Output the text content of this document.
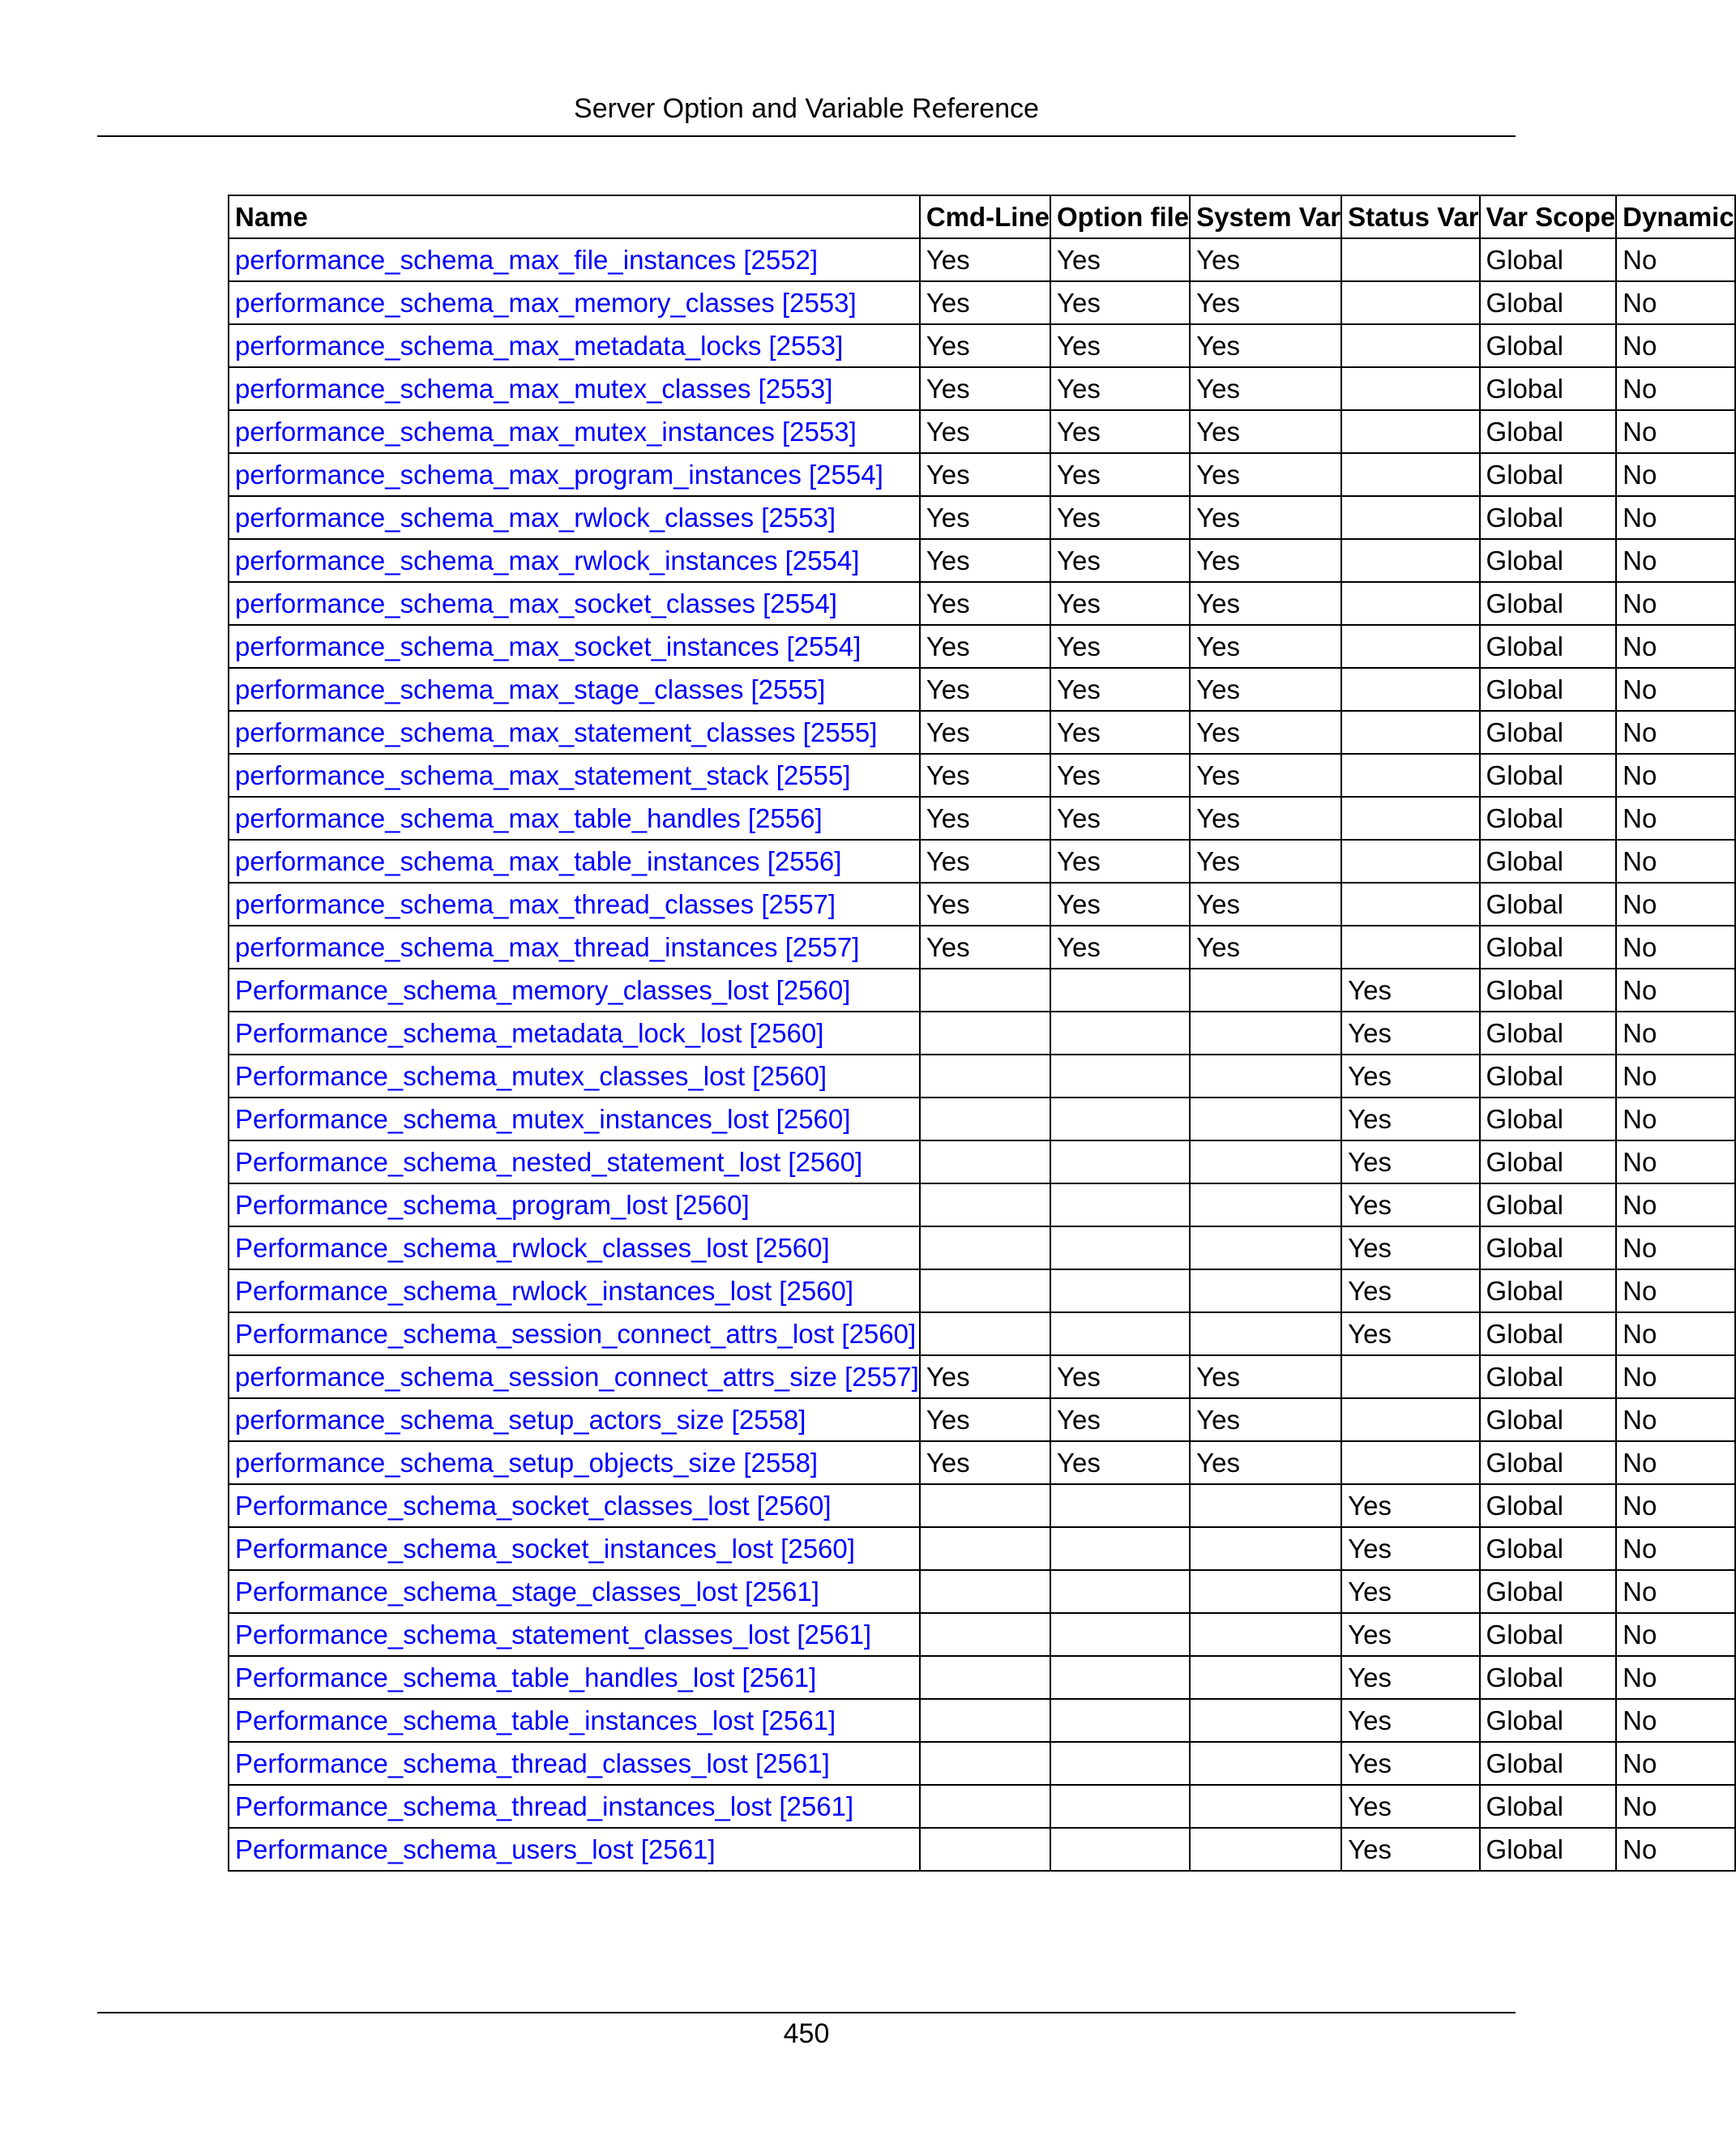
Server Option and Variable Reference
Name	Cmd-Line	Option file	System Var	Status Var	Var Scope	Dynamic
performance_schema_max_file_instances [2552]	Yes	Yes	Yes		Global	No
performance_schema_max_memory_classes [2553]	Yes	Yes	Yes		Global	No
performance_schema_max_metadata_locks [2553]	Yes	Yes	Yes		Global	No
performance_schema_max_mutex_classes [2553]	Yes	Yes	Yes		Global	No
performance_schema_max_mutex_instances [2553]	Yes	Yes	Yes		Global	No
performance_schema_max_program_instances [2554]	Yes	Yes	Yes		Global	No
performance_schema_max_rwlock_classes [2553]	Yes	Yes	Yes		Global	No
performance_schema_max_rwlock_instances [2554]	Yes	Yes	Yes		Global	No
performance_schema_max_socket_classes [2554]	Yes	Yes	Yes		Global	No
performance_schema_max_socket_instances [2554]	Yes	Yes	Yes		Global	No
performance_schema_max_stage_classes [2555]	Yes	Yes	Yes		Global	No
performance_schema_max_statement_classes [2555]	Yes	Yes	Yes		Global	No
performance_schema_max_statement_stack [2555]	Yes	Yes	Yes		Global	No
performance_schema_max_table_handles [2556]	Yes	Yes	Yes		Global	No
performance_schema_max_table_instances [2556]	Yes	Yes	Yes		Global	No
performance_schema_max_thread_classes [2557]	Yes	Yes	Yes		Global	No
performance_schema_max_thread_instances [2557]	Yes	Yes	Yes		Global	No
Performance_schema_memory_classes_lost [2560]				Yes	Global	No
Performance_schema_metadata_lock_lost [2560]				Yes	Global	No
Performance_schema_mutex_classes_lost [2560]				Yes	Global	No
Performance_schema_mutex_instances_lost [2560]				Yes	Global	No
Performance_schema_nested_statement_lost [2560]				Yes	Global	No
Performance_schema_program_lost [2560]				Yes	Global	No
Performance_schema_rwlock_classes_lost [2560]				Yes	Global	No
Performance_schema_rwlock_instances_lost [2560]				Yes	Global	No
Performance_schema_session_connect_attrs_lost [2560]				Yes	Global	No
performance_schema_session_connect_attrs_size [2557]	Yes	Yes	Yes		Global	No
performance_schema_setup_actors_size [2558]	Yes	Yes	Yes		Global	No
performance_schema_setup_objects_size [2558]	Yes	Yes	Yes		Global	No
Performance_schema_socket_classes_lost [2560]				Yes	Global	No
Performance_schema_socket_instances_lost [2560]				Yes	Global	No
Performance_schema_stage_classes_lost [2561]				Yes	Global	No
Performance_schema_statement_classes_lost [2561]				Yes	Global	No
Performance_schema_table_handles_lost [2561]				Yes	Global	No
Performance_schema_table_instances_lost [2561]				Yes	Global	No
Performance_schema_thread_classes_lost [2561]				Yes	Global	No
Performance_schema_thread_instances_lost [2561]				Yes	Global	No
Performance_schema_users_lost [2561]				Yes	Global	No
450
